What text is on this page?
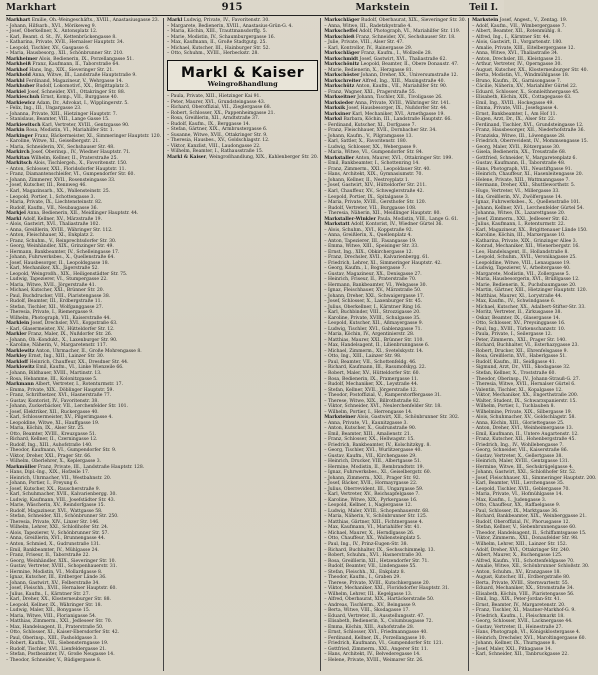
Markhart	915	Markstein	Teil I.
Markhart Emilie, Oh.-Weingeschäfts., XVIII., Anastasiusgasse 23.
– Johann, Hilfsarb., XVI., Mörikeweg 9.
– Josef, Oberkellner, X., Antonsplatz 12.
– Karl, Beamt. d. St., IV., Kettenbrückengasse 8.
– Katharina, Private, XVII., Hernalser Hauptstr. 34.
– Leopold, Tischler, XV., Gasgasse 6.
– Maria, Hausbesorg., XII., Schönbrunner Str. 210.
Markheimer Alois, Bedienerin, IX., Porzellangasse 51.
Markheiß Franz, Kaufmann, II., Taborstraße 64.
Markhof Hans, Ing., XIX., Sieveringer Str. 21.
Markhold Anna, Witwe, III., Landstraße Hauptstraße 9.
Markhl Ferdinand, Magazineur, V., Wehrgasse 14.
Markhuber Rudolf, Lokomotivf., XX., Brigittaplatz 3.
Markiel Josef, Schneider, XVI., Ottakringer Str. 88.
Markieschuh Ernst, Komp., VII., Burggasse 40.
Markiewicz Adam, Dr., Advokat, I., Wipplingerstr. 5.
– Felix, Ing., III., Ungargasse 23.
– Johanna, Private, XIII., Hietzinger Hauptstr. 7.
– Stanislaus, Beamter, VIII., Lange Gasse 15.
Markiewitsch Karl, Vertreter, XVIII., Gentzgasse 90.
Markin Rosa, Modistin, VI., Mariahilfer Str. 1.
Markinger Franz, Bäckermeister, XI., Simmeringer Hauptstr. 120.
– Karoline, Witwe, XI., Geiselbergstr. 21.
– Maria, Schneiderin, XV., Sechshauser Str. 48.
Markirch Josef, Oberinsp., IV., Wiedner Hauptstr. 71.
Markitan Wilhelm, Kellner, II., Praterstraße 25.
Markitsch Alois, Tischlergeh., X., Favoritenstr. 150.
– Anton, Schlosser, XXI., Floridsdorfer Hauptstr. 11.
– Franz, Diamantenschleifer, VI., Gumpendorfer Str. 60.
– Johann, Zimmerer, XVII., Rosensteingasse 33.
– Josef, Kutscher, III., Rennweg 46.
– Karl, Magazinsarb., XX., Wallensteinstr. 25.
– Leopold, Portier, I., Schottengasse 3.
– Maria, Private, IX., Liechtensteinstr. 82.
– Rudolf, Kaufm., VII., Neubaugasse 36.
Markjel Anna, Bedienerin, XII., Meidlinger Hauptstr. 44.
Markl Adolf, Kellner, XV., Märzstraße 19.
– Alois, Gastwirt, XVI., Thaliastraße 102.
– Anna, Greißlerin, XVIII., Währinger Str. 112.
– Anton, Fleischhauer, XI., Enkplatz 2.
– Franz, Schuhm., V., Reinprechtsdorfer Str. 30.
– Georg, Weinhändler, XIX., Grinzinger Str. 49.
– Hermann, Bankbeamter, IV., Schelleingasse 17.
– Johann, Fuhrwerksbes., X., Quellenstraße 64.
– Josef, Hausbesorger, II., Leopoldsgasse 18.
– Karl, Mechaniker, XX., Jägerstraße 52.
– Leopold, Weingroßh., XIX., Heiligenstädter Str. 75.
– Ludwig, Tapezierer, VI., Stumpergasse 22.
– Maria, Witwe, XVII., Jörgerstraße 41.
– Michael, Kutscher, XXI., Brünner Str. 20.
– Paul, Buchdrucker, VIII., Piaristengasse 38.
– Rudolf, Beamter, III., Erdbergstraße 11.
– Stefan, Tischler, XII., Wolfganggasse 27.
– Theresia, Private, I., Riemergasse 9.
– Wilhelm, Photograph, VII., Kaiserstraße 44.
Marklein Josef, Drechsler, XVI., Koppstraße 63.
– Karl, Glasermeister, XV., Hütteldorfer Str. 12.
Markler Franz, Maler, IX., Nußdorfer Str. 26.
– Johann, Ob.-Kondukt., X., Laxenburger Str. 90.
– Karoline, Näherin, V., Margaretenstr. 117.
Marklewitz Anton, Uhrmacher, II., Große Mohrengasse 8.
Markley Ernst, Ing., XIII., Lainzer Str. 30.
Markloff Heinrich, Chauffeur, XX., Dresdner Str. 44.
Marklowitz Emil, Kaufm., VI., Linke Wienzeile 66.
– Johann, Bildhauer, XVIII., Martinstr. 13.
– Rosa, Hebamme, III., Kolonitzgasse 5.
Markmann Albert, Vertreter, I., Rotenturmstr. 17.
– Emma, Private, XIX., Döblinger Hauptstr. 59.
– Franz, Schriftsetzer, XVI., Hasnerstraße 77.
– Gustav, Kontorist, IV., Favoritenstr. 38.
– Johann, Zuckerbäcker, VII., Lerchenfelder Str. 101.
– Josef, Elektriker, XII., Ruckergasse 40.
– Karl, Schlossermeister, XV., Pilgerimgasse 4.
– Leopoldine, Witwe, XI., Hauffgasse 19.
– Maria, Köchin, IX., Alser Str. 25.
– Otto, Beamter, XVIII., Kreuzgasse 51.
– Richard, Kellner, II., Czerningasse 12.
– Rudolf, Ing., XIII., Auhofstraße 140.
– Theodor, Kaufmann, VI., Gumpendorfer Str. 9.
– Viktor, Dreher, XXI., Prager Str. 66.
– Wilhelm, Oberlehrer, X., Keplergasse 3.
Markmüller Franz, Private, III., Landstraße Hauptstr. 128.
– Hans, Dipl.-Ing., XIX., Hofzeile 17.
– Heinrich, Uhrmacher, VII., Westbahnstr. 20.
– Johann, Portier, I., Freyung 6.
– Josef, Kutscher, XX., Rauscherstraße 9.
– Karl, Schuhmacher, XVII., Kalvarienbergg. 30.
– Ludwig, Kaufmann, VIII., Josefstädter Str. 43.
– Marie, Wäscherin, XV., Reindorfgasse 15.
– Rudolf, Magazineur, XVI., Wattgasse 58.
– Stefan, Schneider, XII., Schönbrunner Str. 250.
– Theresia, Private, XIV., Linzer Str. 146.
– Wilhelm, Lehrer, XXI., Schloßhofer Str. 24.
– Alois, Tapezierer, V., Schönbrunner Str. 57.
– Anna, Greißlerin, XVI., Brunnengasse 44.
– Anton, Schmied, X., Gudrunstraße 131.
– Emil, Bankbeamter, IV., Mühlgasse 24.
– Franz, Friseur, II., Taborstraße 22.
– Georg, Weinhändler, XIX., Sieveringer Str. 10.
– Gustav, Vertreter, XVIII., Schopenhauerstr. 31.
– Hermine, Modistin, VI., Mollardgasse 8.
– Ignaz, Kutscher, III., Erdberger Lände 36.
– Johann, Gastwirt, XV., Felberstraße 34.
– Josef, Fleischh., XVII., Hernalser Hauptstr. 60.
– Julius, Kaufm., I., Kärntner Str. 27.
– Karl, Dreher, XX., Klosterneuburger Str. 88.
– Leopold, Kellner, IX., Währinger Str. 18.
– Ludwig, Maler, XII., Bonygasse 15.
– Maria, Witwe, VIII., Florianigasse 54.
– Matthias, Zimmerm., XXI., Jedleseer Str. 70.
– Max, Handelsagent, II., Praterstraße 50.
– Otto, Schlosser, XI., Kaiser-Ebersdorfer Str. 42.
– Paul, Oberinsp., XIII., Fasholdgasse 3.
– Robert, Kaufm., VII., Siebensterngasse 19.
– Rudolf, Tischler, XVI., Lienfeldergasse 21.
– Stefan, Postbeamter, IV., Große Neugasse 14.
– Theodor, Schneider, V., Rüdigergasse 8.
Markl Ludwig, Private, IV., Favoritenstr. 30.
– Margarete, Bedienerin, XVIII., Anastasius-Grün-G. 4.
– Maria, Köchin, XIII., Trauttmansdorffg. 5.
– Marie, Modistin, IV., Schaumburgergasse 16.
– Max, Kaufmann, II., Große Stadtgutg. 25.
– Michael, Kutscher, III., Hainburger Str. 52.
– Otto, Schuhm., XVIII., Herbeckstr. 28.
Markl & Kaiser
Weingroßhandlung
– Paula, Private, XIII., Hietzinger Kai 91.
– Peter, Maurer, XVI., Grundsteingasse 43.
– Richard, Oberoffizial, VII., Zieglergasse 68.
– Robert, Schlosser, XX., Pappenheimgasse 21.
– Rosa, Greißlerin, XII., Arndtstraße 37.
– Rudolf, Kaufm., IX., Berggasse 14.
– Stefan, Gärtner, XIX., Armbrustergasse 6.
– Susanne, Witwe, XVII., Ottakringer Str. 9.
– Theresia, Hausbes., XV., Goldschlagstr. 12.
– Viktor, Kanzlist, VIII., Laudongasse 22.
– Wilhelm, Beamter, I., Rathausstraße 15.
Markl & Kaiser, Weingroßhandlung, XIX., Kahlenberger Str. 20.
Markschläger Rudolf, Oberbaurat, XIX., Sieveringer Str. 30.
– Anna, Witwe, III., Radetzkystraße 4.
Markscheffel Adolf, Photograph, VI., Mariahilfer Str. 119.
Markschieß Franz, Schneider, XV., Sechshauser Str. 18.
– Julie, Private, VIII., Alser Str. 47.
– Karl, Kontrollor, IV., Rainergasse 29.
Markschläger Franz, Kaufm., I., Wollzeile 28.
Markschmidt Josef, Gastwirt, XVI., Thaliastraße 62.
Markschönitz Leopold, Beamter, II., Obere Donaustr. 47.
– Marie, Bedienerin, X., Herzgasse 81.
Markschöster Johann, Dreher, XX., Universumstraße 12.
Markschreiter Alfred, Ing., XIII., Maxingstraße 40.
Markschütz Anton, Kaufm., VII., Mariahilfer Str. 90.
– Franz, Wagner, XXI., Pragerstraße 55.
Markseitner Johann, Tischler, XII., Tivoligasse 26.
Marksieder Anna, Private, XVIII., Währinger Str. 141.
Marksik Josef, Hausbesorger, IX., Nußdorfer Str. 44.
Marksiner Karl, Mechaniker, XVI., Arnethgasse 19.
Marksl Barbara, Köchin, III., Landstraße Hauptstr. 66.
– Ferdinand, Kutscher, XI., Dorfgasse 7.
– Franz, Fleischhauer, XVII., Dornbacher Str. 34.
– Johann, Kaufm., V., Pilgramgasse 13.
– Karl, Sattler, X., Favoritenstr. 180.
– Ludwig, Schlosser, XX., Webergasse 9.
– Maria, Witwe, VI., Gumpendorfer Str. 84.
Markstaller Anton, Maurer, XVI., Ottakringer Str. 199.
– Emil, Bankbeamter, I., Schottenring 14.
– Franz, Zimmerm., XXI., Leopoldauer Str. 40.
– Hans, Architekt, XIX., Gymnasiumstr. 70.
– Johann, Kellner, II., Nestroyplatz 1.
– Josef, Gastwirt, XIV., Hütteldorfer Str. 211.
– Karl, Chauffeur, XV., Schweglerstraße 42.
– Leopold, Portier, IX., Spitalgasse 3.
– Maria, Private, XVIII., Gersthofer Str. 120.
– Rudolf, Vertreter, VII., Burggasse 108.
– Theresia, Näherin, XII., Meidlinger Hauptstr. 80.
Markstaller-Winkler Paula, Modistin, VIII., Lange G. 61.
Markstatt Adolf, Kontorist, IV., Wiedner Gürtel 36.
– Alois, Schuhm., XVI., Koppstraße 92.
– Anna, Greißlerin, X., Quellenplatz 4.
– Anton, Tapezierer, III., Fasangasse 19.
– Emma, Witwe, XIII., Speisinger Str. 33.
– Ernst, Ing., XIX., Obkirchergasse 12.
– Franz, Drechsler, XVII., Kalvarienbergg. 61.
– Friedrich, Lehrer, XI., Simmeringer Hauptstr. 42.
– Georg, Kaufm., I., Bognergasse 7.
– Gustav, Magazineur, XX., Denisgasse 27.
– Heinrich, Friseur, II., Praterstraße 70.
– Hermann, Bankbeamter, VI., Webgasse 30.
– Ignaz, Fleischhauer, XV., Märzstraße 50.
– Johann, Dreher, XXI., Schwaigergasse 17.
– Josef, Schlosser, X., Laxenburger Str. 45.
– Julius, Oberkellner, I., Kärntner Ring 16.
– Karl, Buchbinder, VIII., Strozzigasse 20.
– Karoline, Private, XVIII., Schulgasse 35.
– Leopold, Kutscher, XII., Aßmayergasse 9.
– Ludwig, Tischler, XVI., Gablenzgasse 71.
– Maria, Köchin, IV., Argentinierstr. 28.
– Matthias, Maurer, XXI., Brünner Str. 110.
– Max, Handelsagent, II., Lilienbrunngasse 6.
– Michael, Zimmerm., XI., Svetelskystr. 14.
– Otto, Ing., XIII., Lainzer Str. 98.
– Paul, Beamter, VII., Schottenfeldg. 46.
– Richard, Kaufmann, III., Rasumofskyg. 22.
– Robert, Maler, XV., Hütteldorfer Str. 60.
– Rosa, Bedienerin, IX., Pramergasse 11.
– Rudolf, Mechaniker, XX., Leystraße 44.
– Stefan, Kellner, XVII., Jörgerstraße 12.
– Theodor, Postoffizial, V., Ramperstorffergasse 31.
– Therese, Witwe, XIX., Billrothstraße 82.
– Viktor, Schneider, XVI., Neulerchenfelder Str. 18.
– Wilhelm, Portier, I., Herrengasse 14.
Marksteiner Alois, Gastwirt, XII., Schönbrunner Str. 302.
– Anna, Private, VI., Kaunitzgasse 3.
– Anton, Kutscher, X., Gudrunstraße 90.
– Emil, Beamter, XIII., Amalienstr. 21.
– Franz, Schlosser, XX., Hellwagstr. 15.
– Friedrich, Bankbeamter, IV., Kolschitzkyg. 8.
– Georg, Tischler, XVI., Wurlitzergasse 40.
– Gustav, Kaufm., VII., Kirchengasse 29.
– Heinrich, Drucker, VIII., Albertgasse 51.
– Hermine, Modistin, II., Rembrandtstr. 19.
– Ignaz, Fuhrwerksbes., XI., Geiselbergstr. 60.
– Johann, Zimmerm., XXI., Prager Str. 92.
– Josef, Bäcker, XVII., Hormayrgasse 22.
– Julius, Oberrevident, III., Ungargasse 59.
– Karl, Vertreter, XV., Reichsapfelgasse 7.
– Karoline, Witwe, XIX., Pyrkergasse 16.
– Leopold, Kellner, I., Naglergasse 12.
– Ludwig, Maler, XVIII., Schopenhauerstr. 68.
– Maria, Näherin, V., Schönbrunner Str. 125.
– Matthias, Gärtner, XIII., Fichtnergasse 4.
– Max, Kaufmann, VI., Mariahilfer Str. 41.
– Michael, Maurer, X., Herndlgasse 26.
– Otto, Chauffeur, XX., Wallensteinplatz 5.
– Paul, Ing., IV., Prinz-Eugen-Str. 38.
– Richard, Buchhalter, IX., Sechsschimmelg. 13.
– Robert, Schuhm., XVI., Hasnerstraße 30.
– Rosa, Greißlerin, XII., Hetzendorfer Str. 71.
– Rudolf, Beamter, VII., Lindengasse 55.
– Stefan, Fleischh., XI., Enkplatz 8.
– Theodor, Kaufm., I., Graben 29.
– Therese, Private, XVIII., Kutschkergasse 20.
– Viktor, Mechaniker, XXI., Floridsdorfer Hauptstr. 31.
– Wilhelm, Lehrer, III., Kegelgasse 13.
– Alfred, Oberbaurat, XIX., Hartäckerstraße 50.
– Andreas, Tischlerm., XV., Beingasse 9.
– Berta, Witwe, VIII., Skodagasse 17.
– Eduard, Vertreter, II., Ausstellungsstr. 47.
– Elisabeth, Bedienerin, X., Columbusgasse 72.
– Emma, Köchin, XIII., Auhofstraße 28.
– Ernst, Schlosser, XVI., Friedmanngasse 40.
– Ferdinand, Kellner, IX., Porzellangasse 10.
– Friedrich, Kaufmann, VI., Gumpendorfer Str. 121.
– Gottfried, Zimmerm., XXI., Angerer Str. 11.
– Hans, Architekt, IV., Belvederegasse 14.
– Helene, Private, XVIII., Weimarer Str. 26.
Markstein Josef, Angest., V., Zentag. 19.
– Adolf, Kaufm., VII., Wimbergergasse 7.
– Albert, Beamter, XII., Rotenmühlg. 8.
– Alfred, Ing., I., Kärntner Str. 44.
– Alois, Gastwirt, II., Vorgartenstr. 180.
– Amalie, Private, XIII., Eitelbergergasse 12.
– Anna, Witwe, XVI., Thaliastraße 34.
– Anton, Drechsler, III., Kleistgasse 21.
– Arthur, Vertreter, IV., Operngasse 30.
– August, Kutscher, XX., Klosterneuburger Str. 40.
– Berta, Modistin, VI., Windmühlgasse 18.
– Bruno, Kaufm., IX., Garnisongasse 7.
– Cäcilie, Näherin, XV., Mariahilfer Gürtel 22.
– Eduard, Schlosser, X., Sonnleithnergasse 45.
– Elisabeth, Köchin, XIX., Cottagegasse 63.
– Emil, Ing., XVIII., Hockegasse 49.
– Emma, Private, VIII., Josefsgasse 4.
– Ernst, Bankbeamter, I., Am Hof 11.
– Eugen, Arzt, Dr., IX., Alser Str. 22.
– Ferdinand, Tischler, XVI., Grundsteingasse 12.
– Franz, Hausbesorger, XII., Niederhofstraße 36.
– Franziska, Witwe, III., Löwengasse 28.
– Friedrich, Oberrevident, IV., Mommsengasse 15.
– Georg, Maler, XVII., Rötzergasse 30.
– Gisela, Bedienerin, XX., Treustraße 68.
– Gottfried, Schneider, V., Margaretenplatz 6.
– Gustav, Kaufmann, II., Taborstraße 48.
– Hans, Photograph, VII., Neustiftgasse 91.
– Heinrich, Chauffeur, XI., Hasenleitengasse 20.
– Helene, Private, XIII., Wattmanngasse 7.
– Hermann, Dreher, XXI., Shuttleworthstr. 5.
– Hugo, Vertreter, VI., Millergasse 33.
– Ida, Greißlerin, XV., Zwölfergasse 14.
– Ignaz, Fuhrwerksbes., X., Quellenstraße 101.
– Johann, Kellner, XVI., Lerchenfelder Gürtel 54.
– Johanna, Witwe, IX., Lazarettgasse 20.
– Josef, Zimmerm., XXI., Jedleseer Str. 62.
– Julius, Kaufmann, I., Rotenturmstr. 22.
– Karl, Magazineur, XX., Brigittenauer Lände 150.
– Karoline, Köchin, III., Marxergasse 10.
– Katharina, Private, XIX., Grinzinger Allee 3.
– Konrad, Mechaniker, XII., Wienerbergstr. 16.
– Leo, Handelsagent, II., Hollandstraße 8.
– Leopold, Schuhm., XVII., Veronikagasse 25.
– Leopoldine, Witwe, VIII., Lenaugasse 19.
– Ludwig, Tapezierer, V., Arbeitergasse 40.
– Margarete, Modistin, VII., Zollergasse 5.
– Maria, Hausbesorgerin, XVI., Brüßlgasse 12.
– Marie, Bedienerin, X., Puchsbaumgasse 20.
– Martin, Gärtner, XIII., Hietzinger Hauptstr. 120.
– Matthias, Maurer, XI., Lorystraße 44.
– Max, Kaufm., IV., Schwindgasse 6.
– Michael, Kutscher, XX., Adalbert-Stifter-Str. 33.
– Moritz, Vertreter, II., Zirkusgasse 38.
– Oskar, Beamter, IX., Glasergasse 14.
– Otto, Schlosser, XV., Preysinggasse 16.
– Paul, Ing., XVIII., Türkenschanzstr. 10.
– Paula, Private, I., Seilergasse 12.
– Peter, Zimmerm., XXI., Prager Str. 140.
– Richard, Buchhalter, VI., Esterhazygasse 23.
– Robert, Drucker, XII., Ehrenfelsgasse 9.
– Rosa, Greißlerin, XVI., Haberlgasse 51.
– Rudolf, Kaufm., III., Seidlgasse 41.
– Sigmund, Arzt, Dr., VIII., Skodagasse 32.
– Stefan, Kellner, X., Troststraße 60.
– Theodor, Oberinsp., IV., Johann-Strauß-G. 27.
– Theresia, Witwe, XVII., Hernalser Gürtel 6.
– Valentin, Tischler, XI., Kopalgasse 12.
– Viktor, Mechaniker, XX., Engerthstraße 200.
– Walter, Student, IX., Schwarzspanierstr. 15.
– Wilhelm, Portier, I., Tuchlauben 8.
– Wilhelmine, Private, XIX., Silbergasse 19.
– Alois, Schuhmacher, XV., Goldschlagstr. 58.
– Anna, Köchin, XIII., Gloriettegasse 25.
– Anton, Dreher, XVI., Weinheimergasse 13.
– Emil, Kaufmann, II., Untere Augartenstr. 12.
– Franz, Kutscher, XII., Hohenbergstraße 45.
– Friedrich, Ing., IV., Wohllebengasse 7.
– Georg, Schneider, VII., Kaiserstraße 86.
– Gustav, Vertreter, X., Gellertgasse 38.
– Heinrich, Maler, XVIII., Gentzgasse 131.
– Hermine, Witwe, III., Sechskrügelgasse 4.
– Johann, Gastwirt, XXI., Schloßhofer Str. 52.
– Josef, Fleischhauer, XI., Simmeringer Hauptstr. 200.
– Karl, Beamter, VIII., Lerchengasse 35.
– Leopold, Tischler, XVII., Geblergasse 70.
– Maria, Private, VI., Hofmühlgasse 14.
– Max, Kaufm., I., Judengasse 3.
– Otto, Chauffeur, XX., Raffaelgasse 9.
– Paul, Schlosser, IX., Marktgasse 36.
– Richard, Bankbeamter, XIX., Weinberggasse 21.
– Rudolf, Oberoffizial, IV., Phorusgasse 12.
– Stefan, Kellner, V., Siebenbrunnengasse 60.
– Theodor, Handelsagent, II., Schiffamtsgasse 15.
– Viktor, Zimmerm., XXI., Donaufelder Str. 98.
– Wilhelm, Lehrer, XIII., Lainzer Str. 152.
– Adolf, Dreher, XVI., Ottakringer Str. 240.
– Albert, Maurer, X., Buchengasse 125.
– Alfred, Kaufm., VII., Schottenfeldgasse 70.
– Amalie, Witwe, XII., Schönbrunner Schloßstr. 30.
– Anton, Schuhm., XV., Kranzgasse 18.
– August, Kutscher, III., Erdbergstraße 80.
– Berta, Private, XVIII., Sternwartestr. 55.
– Eduard, Mechaniker, XX., Stromstraße 34.
– Elisabeth, Köchin, VIII., Piaristengasse 56.
– Emil, Ing., XIX., Peter-Jordan-Str. 41.
– Ernst, Beamter, IV., Margaretenstr. 20.
– Franz, Tischler, XI., Mautner-Markhof-G. 9.
– Friedrich, Kaufm., I., Fleischmarkt 18.
– Georg, Schlosser, XVII., Lacknergasse 44.
– Gustav, Vertreter, II., Heinestraße 27.
– Hans, Photograph, VI., Königsklostergasse 4.
– Heinrich, Drechsler, XVI., Maroltingergasse 60.
– Johann, Kellner, IX., Thurngasse 8.
– Josef, Maler, XXI., Pitkagasse 14.
– Karl, Schneider, XII., Tanbruckgasse 22.
